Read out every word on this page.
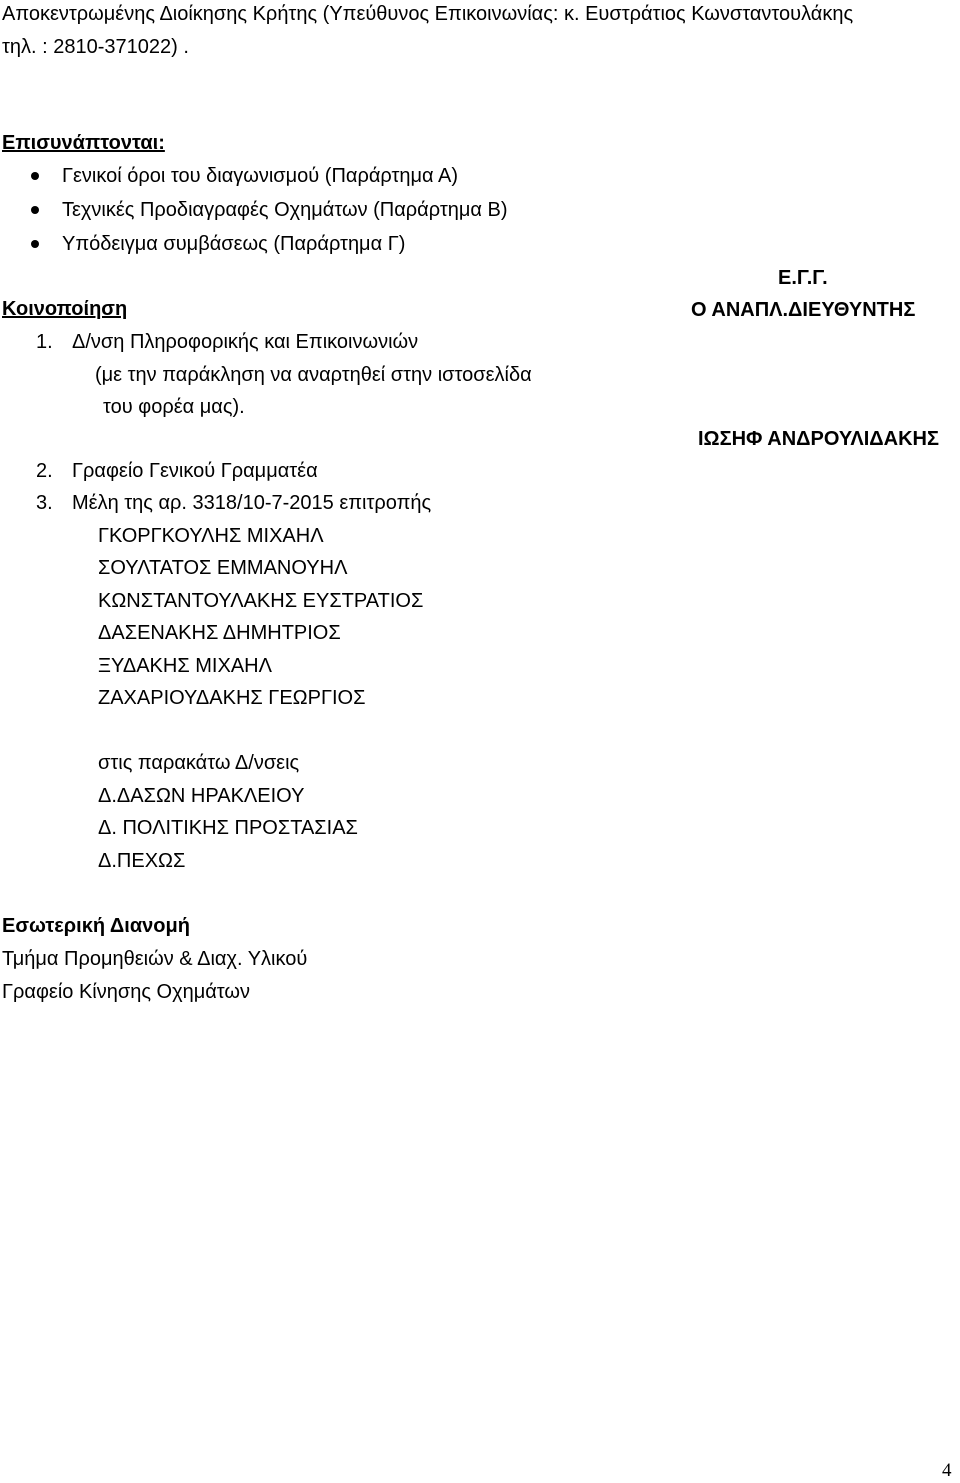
Αποκεντρωμένης Διοίκησης Κρήτης (Υπεύθυνος Επικοινωνίας: κ. Ευστράτιος Κωνσταντουλάκης
τηλ. : 2810-371022) .
Επισυνάπτονται:
Γενικοί όροι του διαγωνισμού (Παράρτημα Α)
Τεχνικές Προδιαγραφές Οχημάτων (Παράρτημα Β)
Υπόδειγμα συμβάσεως (Παράρτημα Γ)
Κοινοποίηση
1. Δ/νση Πληροφορικής και Επικοινωνιών
(με την παράκληση να αναρτηθεί στην ιστοσελίδα
του φορέα μας).
2. Γραφείο Γενικού Γραμματέα
3. Μέλη της αρ. 3318/10-7-2015 επιτροπής
ΓΚΟΡΓΚΟΥΛΗΣ ΜΙΧΑΗΛ
ΣΟΥΛΤΑΤΟΣ ΕΜΜΑΝΟΥΗΛ
ΚΩΝΣΤΑΝΤΟΥΛΑΚΗΣ ΕΥΣΤΡΑΤΙΟΣ
ΔΑΣΕΝΑΚΗΣ ΔΗΜΗΤΡΙΟΣ
ΞΥΔΑΚΗΣ ΜΙΧΑΗΛ
ΖΑΧΑΡΙΟΥΔΑΚΗΣ ΓΕΩΡΓΙΟΣ
στις παρακάτω Δ/νσεις
Δ.ΔΑΣΩΝ ΗΡΑΚΛΕΙΟΥ
Δ. ΠΟΛΙΤΙΚΗΣ ΠΡΟΣΤΑΣΙΑΣ
Δ.ΠΕΧΩΣ
Ε.Γ.Γ.
Ο ΑΝΑΠΛ.ΔΙΕΥΘΥΝΤΗΣ
ΙΩΣΗΦ ΑΝΔΡΟΥΛΙΔΑΚΗΣ
Εσωτερική Διανομή
Τμήμα Προμηθειών & Διαχ. Υλικού
Γραφείο Κίνησης Οχημάτων
4
